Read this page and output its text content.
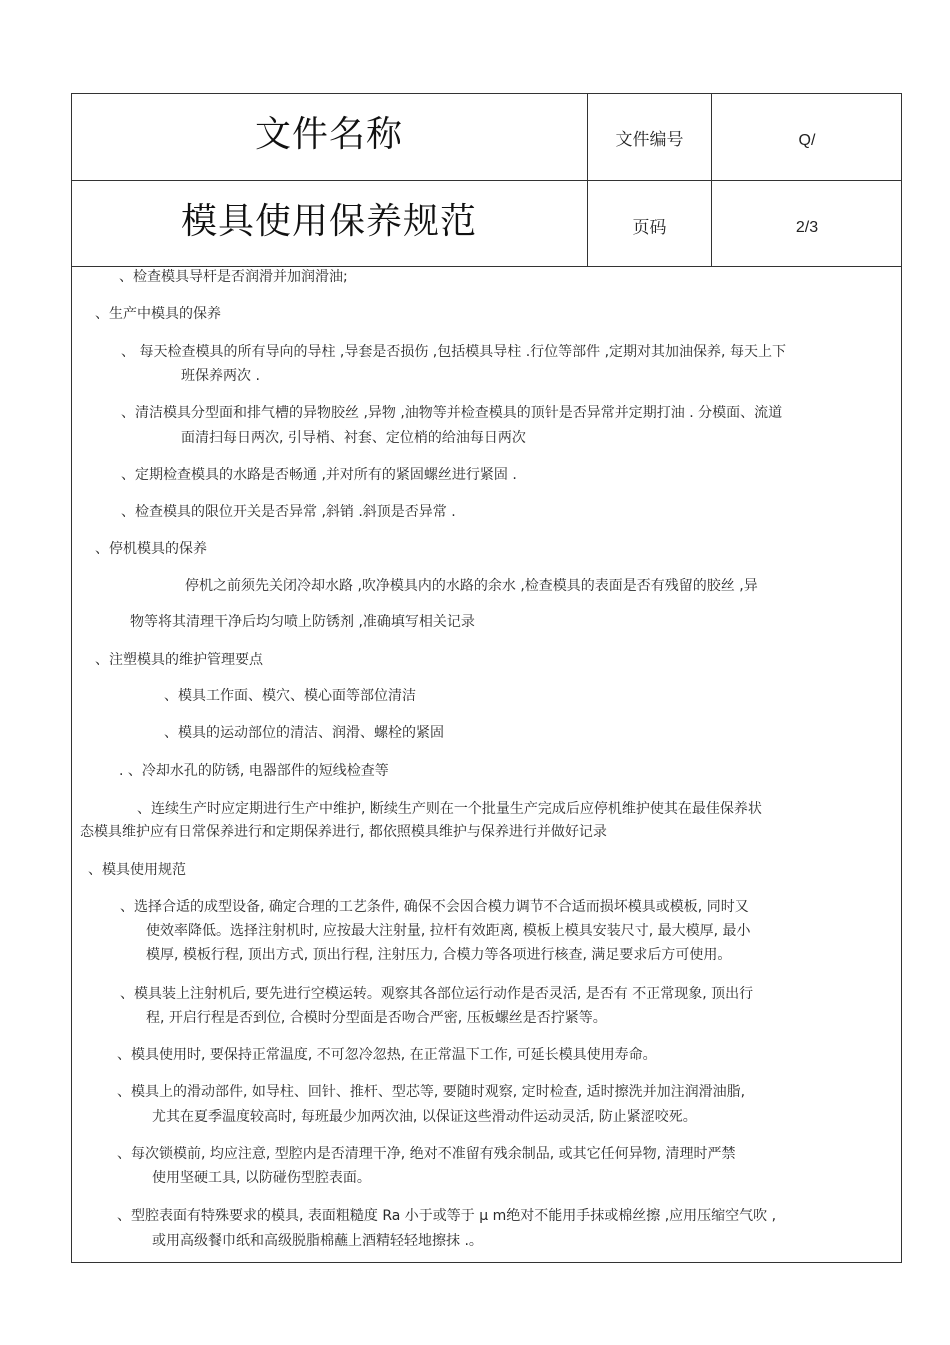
文件名称
模具使用保养规范
文件编号	Q/
页码	2/3
、检查模具导杆是否润滑并加润滑油;
、生产中模具的保养
、 每天检查模具的所有导向的导柱 ,导套是否损伤 ,包括模具导柱 .行位等部件 ,定期对其加油保养, 每天上下
班保养两次 .
、清洁模具分型面和排气槽的异物胶丝 ,异物 ,油物等并检查模具的顶针是否异常并定期打油 . 分模面、流道
面清扫每日两次, 引导梢、衬套、定位梢的给油每日两次
、定期检查模具的水路是否畅通 ,并对所有的紧固螺丝进行紧固 .
、检查模具的限位开关是否异常 ,斜销 .斜顶是否异常 .
、停机模具的保养
停机之前须先关闭冷却水路 ,吹净模具内的水路的余水 ,检查模具的表面是否有残留的胶丝 ,异
物等将其清理干净后均匀喷上防锈剂 ,准确填写相关记录
、注塑模具的维护管理要点
、模具工作面、模穴、模心面等部位清洁
、模具的运动部位的清洁、润滑、螺栓的紧固
. 、冷却水孔的防锈, 电器部件的短线检查等
、连续生产时应定期进行生产中维护, 断续生产则在一个批量生产完成后应停机维护使其在最佳保养状
态模具维护应有日常保养进行和定期保养进行, 都依照模具维护与保养进行并做好记录
、模具使用规范
、选择合适的成型设备, 确定合理的工艺条件, 确保不会因合模力调节不合适而损坏模具或模板, 同时又
使效率降低。选择注射机时, 应按最大注射量, 拉杆有效距离, 模板上模具安装尺寸, 最大模厚, 最小
模厚, 模板行程, 顶出方式, 顶出行程, 注射压力, 合模力等各项进行核查, 满足要求后方可使用。
、模具装上注射机后, 要先进行空模运转。观察其各部位运行动作是否灵活, 是否有 不正常现象, 顶出行
程, 开启行程是否到位, 合模时分型面是否吻合严密, 压板螺丝是否拧紧等。
、模具使用时, 要保持正常温度, 不可忽冷忽热, 在正常温下工作, 可延长模具使用寿命。
、模具上的滑动部件, 如导柱、回针、推杆、型芯等, 要随时观察, 定时检查, 适时擦洗并加注润滑油脂,
尤其在夏季温度较高时, 每班最少加两次油, 以保证这些滑动件运动灵活, 防止紧涩咬死。
、每次锁模前, 均应注意, 型腔内是否清理干净, 绝对不准留有残余制品, 或其它任何异物, 清理时严禁
使用坚硬工具, 以防碰伤型腔表面。
、型腔表面有特殊要求的模具, 表面粗糙度 Ra 小于或等于 μ m绝对不能用手抹或棉丝擦 ,应用压缩空气吹 ,
或用高级餐巾纸和高级脱脂棉蘸上酒精轻轻地擦抹 .。
